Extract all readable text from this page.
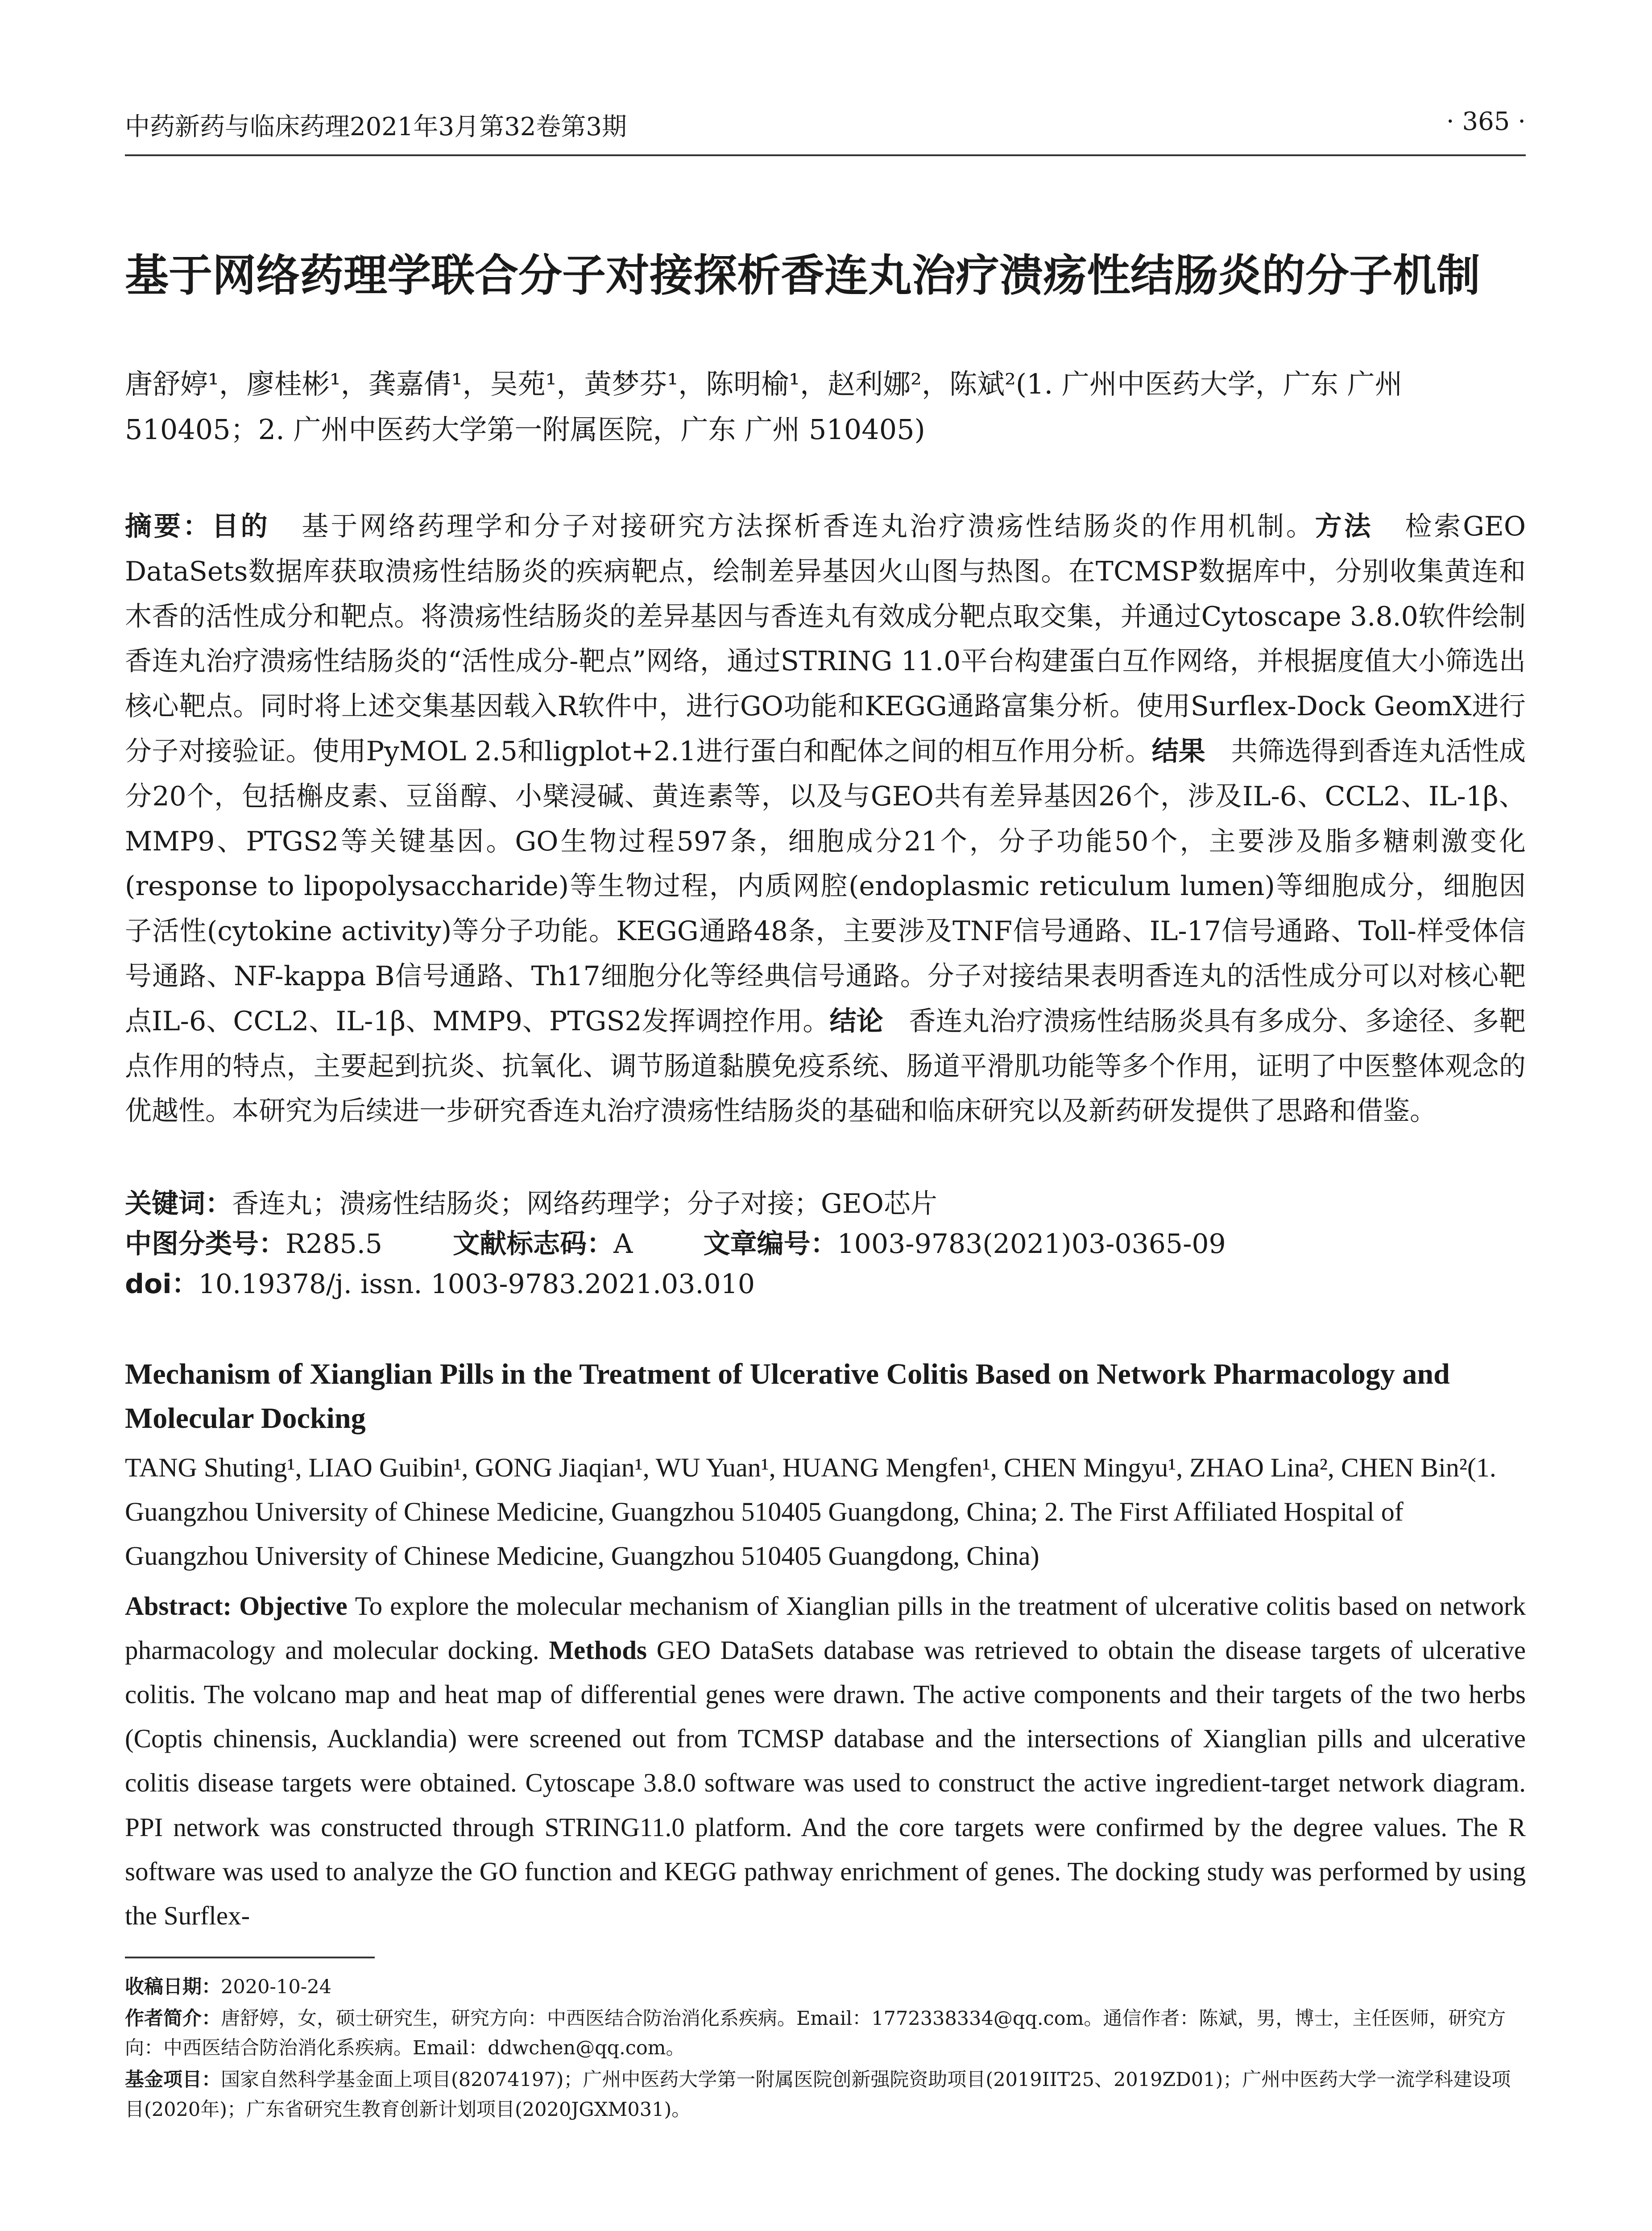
中药新药与临床药理2021年3月第32卷第3期	· 365 ·
基于网络药理学联合分子对接探析香连丸治疗溃疡性结肠炎的分子机制
唐舒婷¹，廖桂彬¹，龚嘉倩¹，吴苑¹，黄梦芬¹，陈明榆¹，赵利娜²，陈斌²(1. 广州中医药大学，广东 广州 510405；2. 广州中医药大学第一附属医院，广东 广州 510405)
摘要：目的 基于网络药理学和分子对接研究方法探析香连丸治疗溃疡性结肠炎的作用机制。方法 检索GEO DataSets数据库获取溃疡性结肠炎的疾病靶点，绘制差异基因火山图与热图。在TCMSP数据库中，分别收集黄连和木香的活性成分和靶点。将溃疡性结肠炎的差异基因与香连丸有效成分靶点取交集，并通过Cytoscape 3.8.0软件绘制香连丸治疗溃疡性结肠炎的“活性成分-靶点”网络，通过STRING 11.0平台构建蛋白互作网络，并根据度值大小筛选出核心靶点。同时将上述交集基因载入R软件中，进行GO功能和KEGG通路富集分析。使用Surflex-Dock GeomX进行分子对接验证。使用PyMOL 2.5和ligplot+2.1进行蛋白和配体之间的相互作用分析。结果 共筛选得到香连丸活性成分20个，包括槲皮素、豆甾醇、小檗浸碱、黄连素等，以及与GEO共有差异基因26个，涉及IL-6、CCL2、IL-1β、MMP9、PTGS2等关键基因。GO生物过程597条，细胞成分21个，分子功能50个，主要涉及脂多糖刺激变化(response to lipopolysaccharide)等生物过程，内质网腔(endoplasmic reticulum lumen)等细胞成分，细胞因子活性(cytokine activity)等分子功能。KEGG通路48条，主要涉及TNF信号通路、IL-17信号通路、Toll-样受体信号通路、NF-kappa B信号通路、Th17细胞分化等经典信号通路。分子对接结果表明香连丸的活性成分可以对核心靶点IL-6、CCL2、IL-1β、MMP9、PTGS2发挥调控作用。结论 香连丸治疗溃疡性结肠炎具有多成分、多途径、多靶点作用的特点，主要起到抗炎、抗氧化、调节肠道黏膜免疫系统、肠道平滑肌功能等多个作用，证明了中医整体观念的优越性。本研究为后续进一步研究香连丸治疗溃疡性结肠炎的基础和临床研究以及新药研发提供了思路和借鉴。
关键词：香连丸；溃疡性结肠炎；网络药理学；分子对接；GEO芯片
中图分类号：R285.5	文献标志码：A	文章编号：1003-9783(2021)03-0365-09
doi：10.19378/j. issn. 1003-9783.2021.03.010
Mechanism of Xianglian Pills in the Treatment of Ulcerative Colitis Based on Network Pharmacology and Molecular Docking
TANG Shuting¹, LIAO Guibin¹, GONG Jiaqian¹, WU Yuan¹, HUANG Mengfen¹, CHEN Mingyu¹, ZHAO Lina², CHEN Bin²(1. Guangzhou University of Chinese Medicine, Guangzhou 510405 Guangdong, China; 2. The First Affiliated Hospital of Guangzhou University of Chinese Medicine, Guangzhou 510405 Guangdong, China)
Abstract: Objective To explore the molecular mechanism of Xianglian pills in the treatment of ulcerative colitis based on network pharmacology and molecular docking. Methods GEO DataSets database was retrieved to obtain the disease targets of ulcerative colitis. The volcano map and heat map of differential genes were drawn. The active components and their targets of the two herbs (Coptis chinensis, Aucklandia) were screened out from TCMSP database and the intersections of Xianglian pills and ulcerative colitis disease targets were obtained. Cytoscape 3.8.0 software was used to construct the active ingredient-target network diagram. PPI network was constructed through STRING11.0 platform. And the core targets were confirmed by the degree values. The R software was used to analyze the GO function and KEGG pathway enrichment of genes. The docking study was performed by using the Surflex-
收稿日期：2020-10-24
作者简介：唐舒婷，女，硕士研究生，研究方向：中西医结合防治消化系疾病。Email：1772338334@qq.com。通信作者：陈斌，男，博士，主任医师，研究方向：中西医结合防治消化系疾病。Email：ddwchen@qq.com。
基金项目：国家自然科学基金面上项目(82074197)；广州中医药大学第一附属医院创新强院资助项目(2019IIT25、2019ZD01)；广州中医药大学一流学科建设项目(2020年)；广东省研究生教育创新计划项目(2020JGXM031)。
